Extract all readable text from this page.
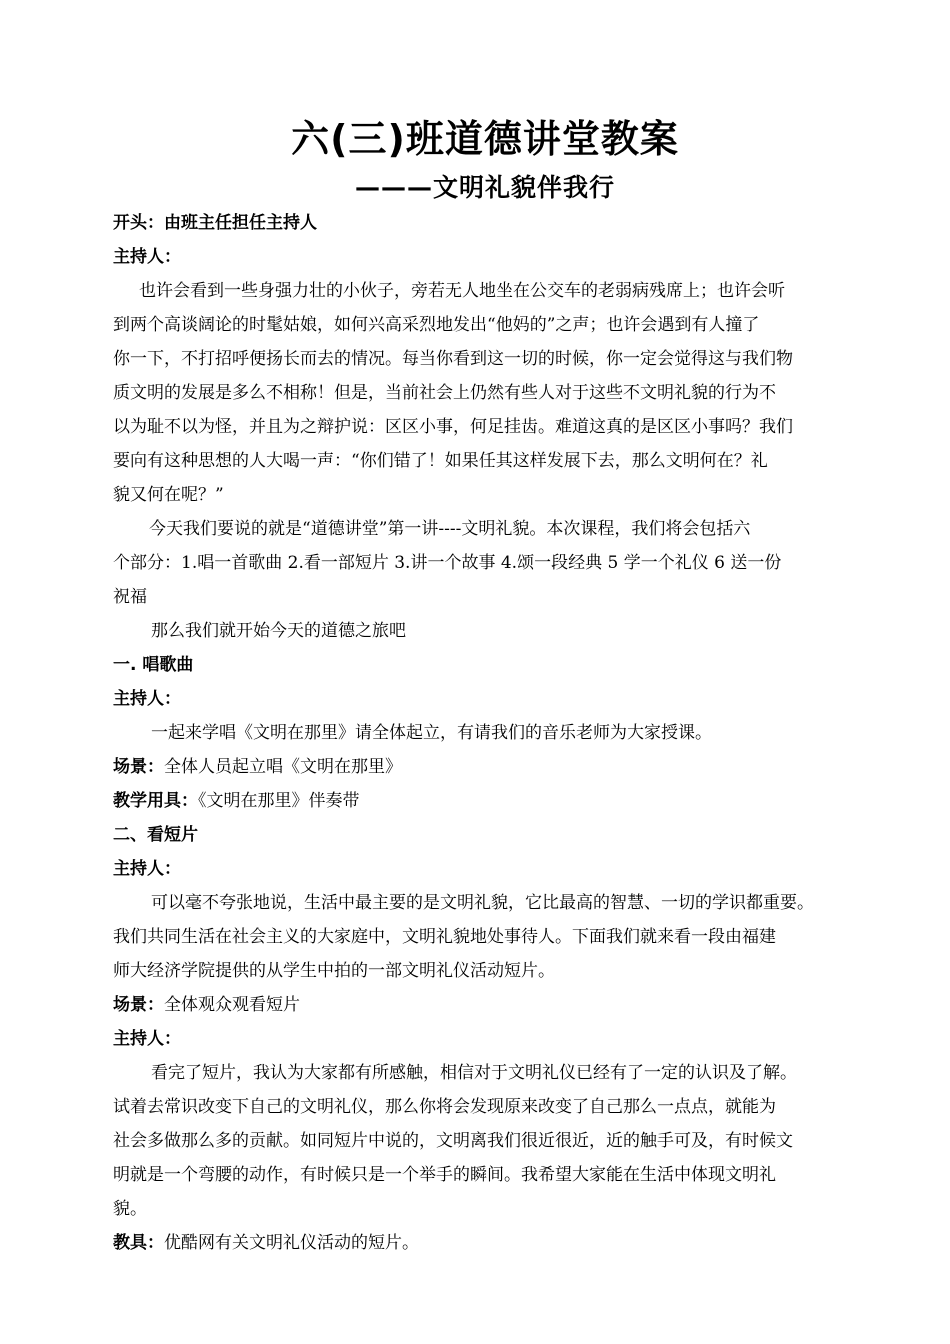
六(三)班道德讲堂教案
———文明礼貌伴我行
开头：由班主任担任主持人
主持人：
也许会看到一些身强力壮的小伙子，旁若无人地坐在公交车的老弱病残席上；也许会听
到两个高谈阔论的时髦姑娘，如何兴高采烈地发出“他妈的”之声；也许会遇到有人撞了
你一下，不打招呼便扬长而去的情况。每当你看到这一切的时候，你一定会觉得这与我们物
质文明的发展是多么不相称！但是，当前社会上仍然有些人对于这些不文明礼貌的行为不
以为耻不以为怪，并且为之辩护说：区区小事，何足挂齿。难道这真的是区区小事吗？我们
要向有这种思想的人大喝一声：“你们错了！如果任其这样发展下去，那么文明何在？礼
貌又何在呢？”
今天我们要说的就是“道德讲堂”第一讲----文明礼貌。本次课程，我们将会包括六
个部分：1.唱一首歌曲 2.看一部短片 3.讲一个故事 4.颂一段经典 5 学一个礼仪 6 送一份
祝福
那么我们就开始今天的道德之旅吧
一. 唱歌曲
主持人：
一起来学唱《文明在那里》请全体起立，有请我们的音乐老师为大家授课。
场景：全体人员起立唱《文明在那里》
教学用具：《文明在那里》伴奏带
二、看短片
主持人：
可以毫不夸张地说，生活中最主要的是文明礼貌，它比最高的智慧、一切的学识都重要。
我们共同生活在社会主义的大家庭中，文明礼貌地处事待人。下面我们就来看一段由福建
师大经济学院提供的从学生中拍的一部文明礼仪活动短片。
场景：全体观众观看短片
主持人：
看完了短片，我认为大家都有所感触，相信对于文明礼仪已经有了一定的认识及了解。
试着去常识改变下自己的文明礼仪，那么你将会发现原来改变了自己那么一点点，就能为
社会多做那么多的贡献。如同短片中说的，文明离我们很近很近，近的触手可及，有时候文
明就是一个弯腰的动作，有时候只是一个举手的瞬间。我希望大家能在生活中体现文明礼
貌。
教具：优酷网有关文明礼仪活动的短片。
